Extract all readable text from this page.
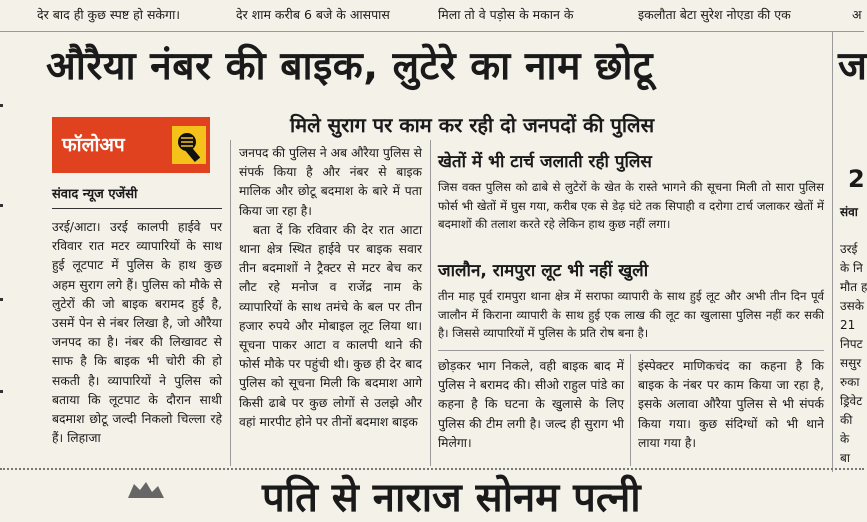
देर बाद ही कुछ स्पष्ट हो सकेगा।	देर शाम करीब 6 बजे के आसपास	मिला तो वे पड़ोस के मकान के	इकलौता बेटा सुरेश नोएडा की एक	अ
औरैया नंबर की बाइक, लुटेरे का नाम छोटू	ज
मिले सुराग पर काम कर रही दो जनपदों की पुलिस
फॉलोअप
संवाद न्यूज एजेंसी

उरई/आटा। उरई कालपी हाईवे पर रविवार रात मटर व्यापारियों के साथ हुई लूटपाट में पुलिस के हाथ कुछ अहम सुराग लगे हैं। पुलिस को मौके से लुटेरों की जो बाइक बरामद हुई है, उसमें पेन से नंबर लिखा है, जो औरैया जनपद का है। नंबर की लिखावट से साफ है कि बाइक भी चोरी की हो सकती है। व्यापारियों ने पुलिस को बताया कि लूटपाट के दौरान साथी बदमाश छोटू जल्दी निकलो चिल्ला रहे हैं। लिहाजा

जनपद की पुलिस ने अब औरैया पुलिस से संपर्क किया है और नंबर से बाइक मालिक और छोटू बदमाश के बारे में पता किया जा रहा है।

बता दें कि रविवार की देर रात आटा थाना क्षेत्र स्थित हाईवे पर बाइक सवार तीन बदमाशों ने ट्रैक्टर से मटर बेच कर लौट रहे मनोज व राजेंद्र नाम के व्यापारियों के साथ तमंचे के बल पर तीन हजार रुपये और मोबाइल लूट लिया था। सूचना पाकर आटा व कालपी थाने की फोर्स मौके पर पहुंची थी। कुछ ही देर बाद पुलिस को सूचना मिली कि बदमाश आगे किसी ढाबे पर कुछ लोगों से उलझे और वहां मारपीट होने पर तीनों बदमाश बाइक

खेतों में भी टार्च जलाती रही पुलिस
जिस वक्त पुलिस को ढाबे से लुटेरों के खेत के रास्ते भागने की सूचना मिली तो सारा पुलिस फोर्स भी खेतों में घुस गया, करीब एक से डेढ़ घंटे तक सिपाही व दरोगा टार्च जलाकर खेतों में बदमाशों की तलाश करते रहे लेकिन हाथ कुछ नहीं लगा।
जालौन, रामपुरा लूट भी नहीं खुली
तीन माह पूर्व रामपुरा थाना क्षेत्र में सराफा व्यापारी के साथ हुई लूट और अभी तीन दिन पूर्व जालौन में किराना व्यापारी के साथ हुई एक लाख की लूट का खुलासा पुलिस नहीं कर सकी है। जिससे व्यापारियों में पुलिस के प्रति रोष बना है।
छोड़कर भाग निकले, वही बाइक बाद में पुलिस ने बरामद की। सीओ राहुल पांडे का कहना है कि घटना के खुलासे के लिए पुलिस की टीम लगी है। जल्द ही सुराग भी मिलेगा।
इंस्पेक्टर माणिकचंद का कहना है कि बाइक के नंबर पर काम किया जा रहा है, इसके अलावा औरैया पुलिस से भी संपर्क किया गया। कुछ संदिग्धों को भी थाने लाया गया है।
2
संवा
उरई
के नि
मौत ह
उसके
21
निपट
ससुर
रुका
ड्रिवेट
की
के
बा
पति से नाराज सोनम पत्नी
